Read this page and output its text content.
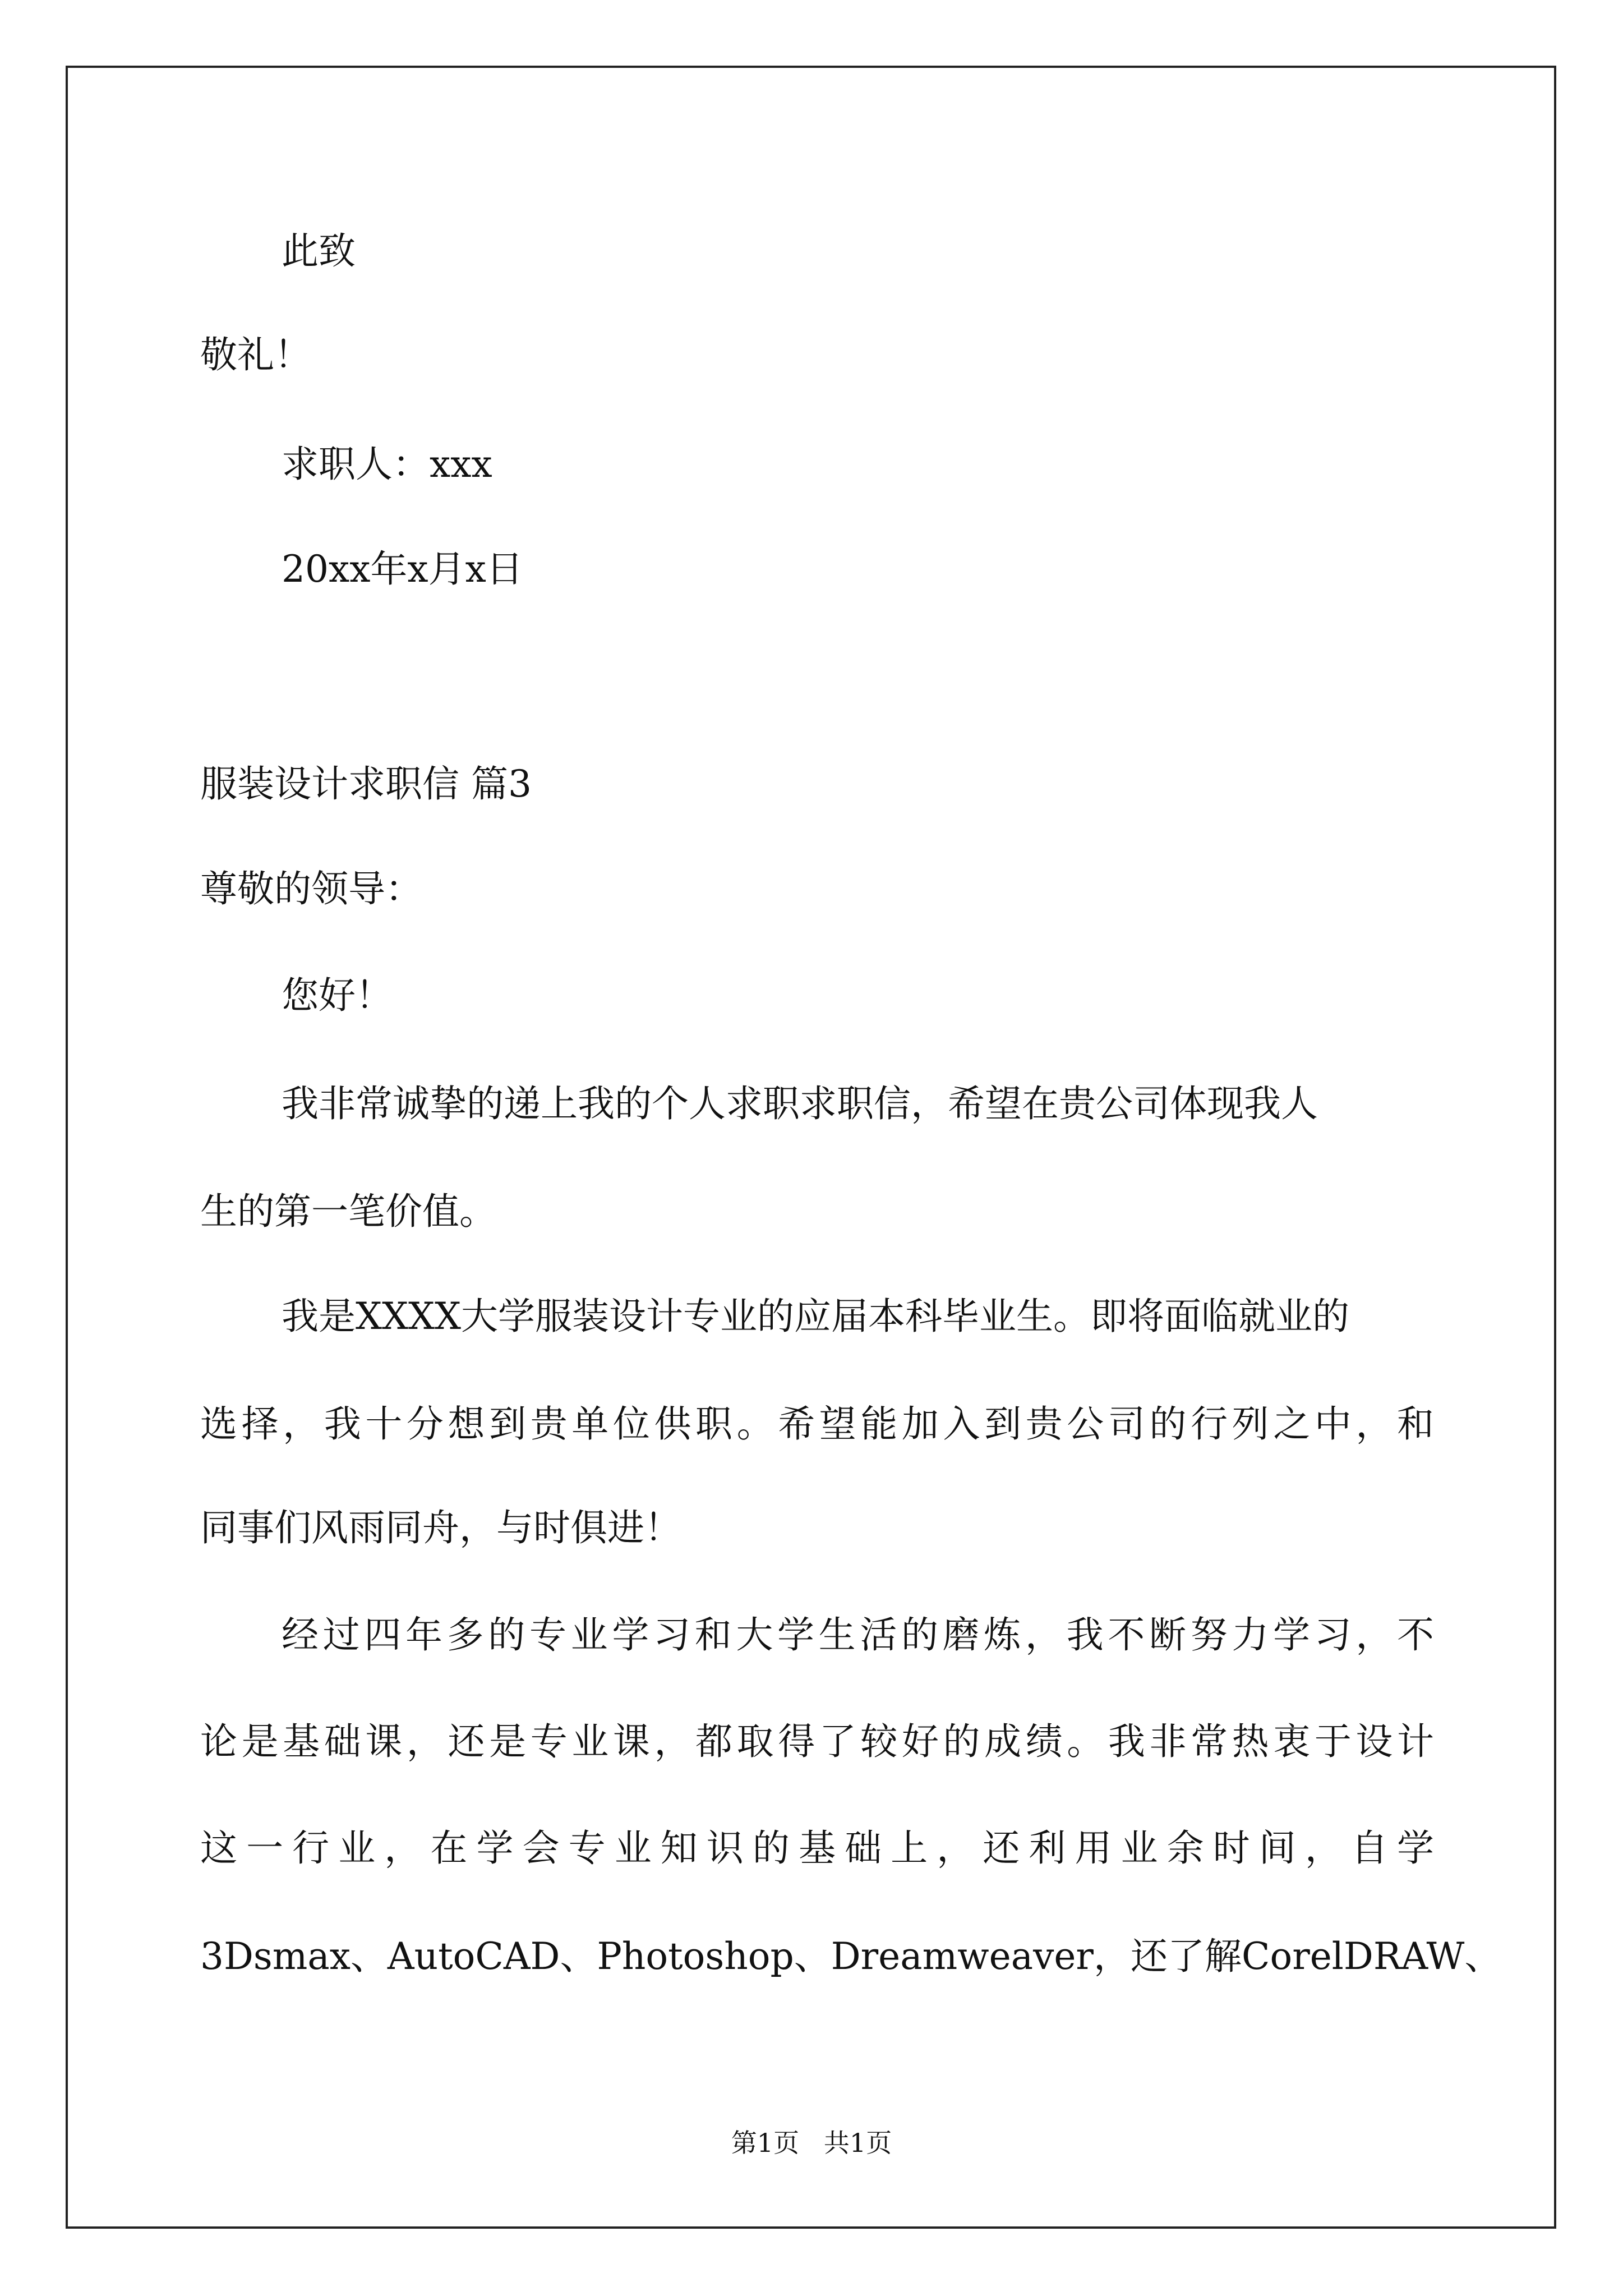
此致
敬礼！
求职人：xxx
20xx年x月x日
服装设计求职信 篇3
尊敬的领导：
您好！
我非常诚挚的递上我的个人求职求职信，希望在贵公司体现我人
生的第一笔价值。
我是XXXX大学服装设计专业的应届本科毕业生。即将面临就业的
选择，我十分想到贵单位供职。希望能加入到贵公司的行列之中，和
同事们风雨同舟，与时俱进！
经过四年多的专业学习和大学生活的磨炼，我不断努力学习，不
论是基础课，还是专业课，都取得了较好的成绩。我非常热衷于设计
这一行业，在学会专业知识的基础上，还利用业余时间，自学
3Dsmax、AutoCAD、Photoshop、Dreamweaver，还了解CorelDRAW、
第1页   共1页
